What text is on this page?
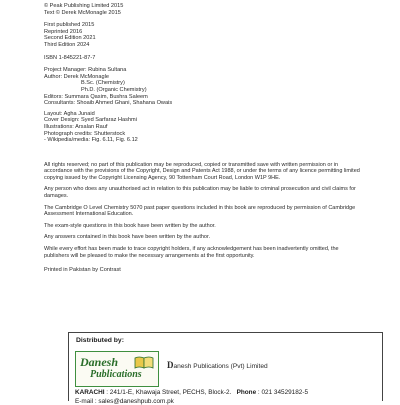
© Peak Publishing Limited 2015
Text © Derek McMonagle 2015
First published 2015
Reprinted 2016
Second Edition 2021
Third Edition 2024
ISBN 1-845221-87-7
Project Manager: Rubina Sultana
Author: Derek McMonagle
B.Sc. (Chemistry)
Ph.D. (Organic Chemistry)
Editors: Summara Qasim, Bushra Saleem
Consultants: Shoaib Ahmed Ghani, Shahana Owais
Layout: Agha Junaid
Cover Design: Syed Sarfaraz Hashmi
Illustrations: Arsalan Rauf
Photograph credits: Shutterstock
- Wikipedia/media: Fig. 6.11, Fig. 6.12
All rights reserved; no part of this publication may be reproduced, copied or transmitted save with written permission or in accordance with the provisions of the Copyright, Design and Patents Act 1988, or under the terms of any licence permitting limited copying issued by the Copyright Licensing Agency, 90 Tottenham Court Road, London W1P 9HE.
Any person who does any unauthorised act in relation to this publication may be liable to criminal prosecution and civil claims for damages.
The Cambridge O Level Chemistry 5070 past paper questions included in this book are reproduced by permission of Cambridge Assessment International Education.
The exam-style questions in this book have been written by the author.
Any answers contained in this book have been written by the author.
While every effort has been made to trace copyright holders, if any acknowledgement has been inadvertently omitted, the publishers will be pleased to make the necessary arrangements at the first opportunity.
Printed in Pakistan by Contrast
Distributed by:
Danesh
Publications
Danesh Publications (Pvt) Limited
KARACHI : 241/1-E, Khawaja Street, PECHS, Block-2. Phone : 021 34529182-5
E-mail : sales@daneshpub.com.pk
